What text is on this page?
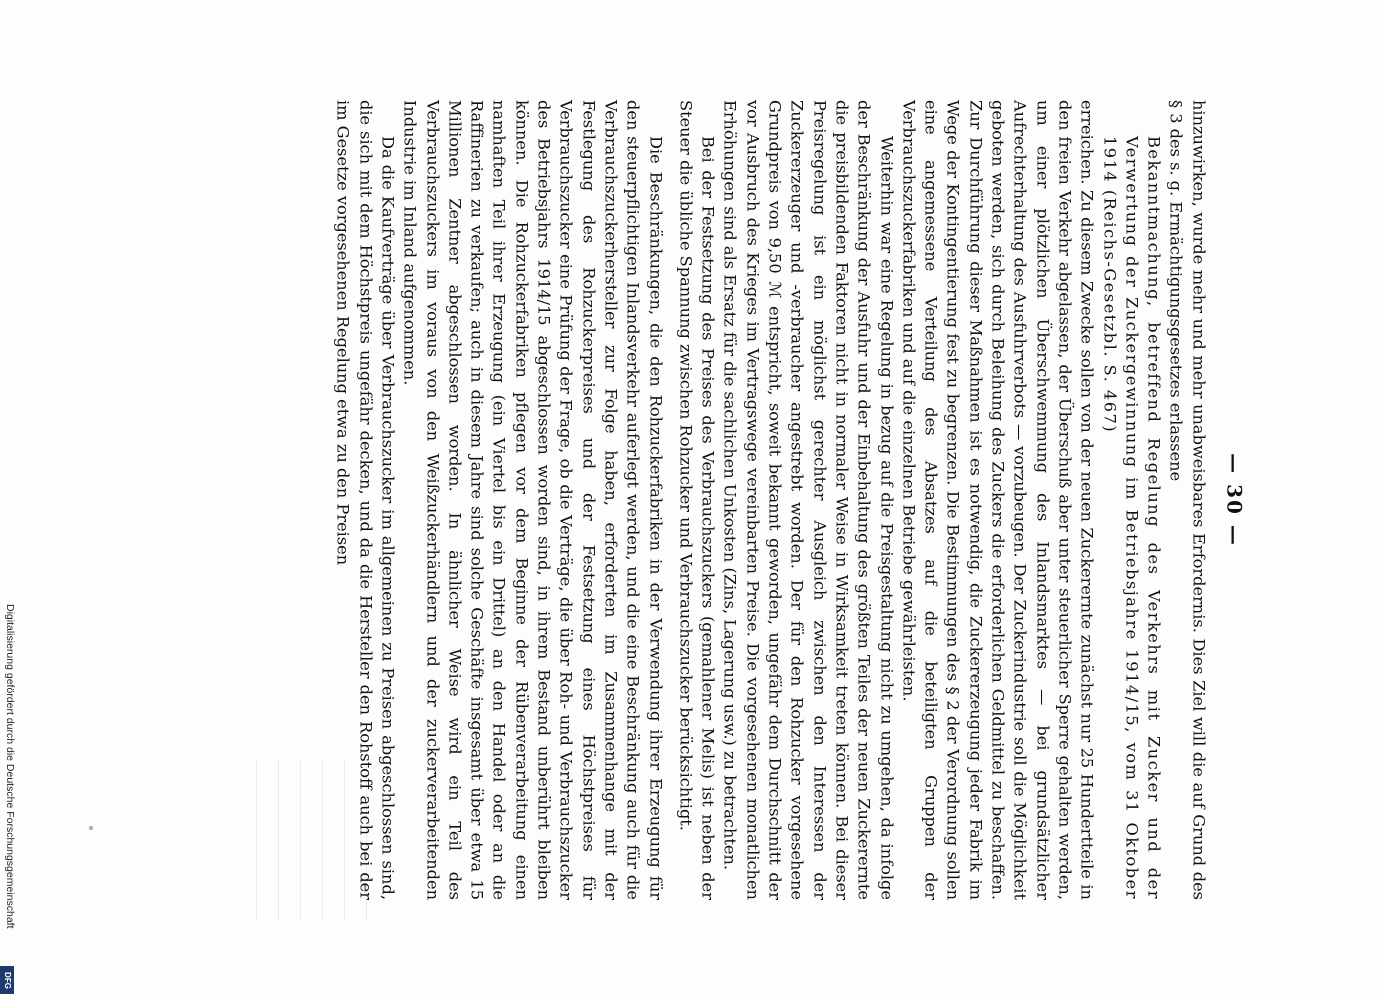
— 30 —

hinzuwirken, wurde mehr und mehr unabweisbares Erfordernis. Dies Ziel will die auf Grund des § 3 des s. g. Ermächtigungsgesetzes erlassene

Bekanntmachung, betreffend Regelung des Verkehrs mit Zucker und der Verwertung der Zuckergewinnung im Betriebsjahre 1914/15, vom 31 Oktober 1914 (Reichs-Gesetzbl. S. 467)

erreichen. Zu diesem Zwecke sollen von der neuen Zuckerernte zunächst nur 25 Hundertteile in den freien Verkehr abgelassen, der Überschuß aber unter steuerlicher Sperre gehalten werden, um einer plötzlichen Überschwemmung des Inlandsmarktes — bei grundsätzlicher Aufrechterhaltung des Ausfuhrverbots — vorzubeugen. Der Zuckerindustrie soll die Möglichkeit geboten werden, sich durch Beleihung des Zuckers die erforderlichen Geldmittel zu beschaffen. Zur Durchführung dieser Maßnahmen ist es notwendig, die Zuckererzeugung jeder Fabrik im Wege der Kontingentierung fest zu begrenzen. Die Bestimmungen des § 2 der Verordnung sollen eine angemessene Verteilung des Absatzes auf die beteiligten Gruppen der Verbrauchszuckerfabriken und auf die einzelnen Betriebe gewährleisten.

Weiterhin war eine Regelung in bezug auf die Preisgestaltung nicht zu umgehen, da infolge der Beschränkung der Ausfuhr und der Einbehaltung des größten Teiles der neuen Zuckerernte die preisbildenden Faktoren nicht in normaler Weise in Wirksamkeit treten können. Bei dieser Preisregelung ist ein möglichst gerechter Ausgleich zwischen den Interessen der Zuckererzeuger und -verbraucher angestrebt worden. Der für den Rohzucker vorgesehene Grundpreis von 9,50 ℳ entspricht, soweit bekannt geworden, ungefähr dem Durchschnitt der vor Ausbruch des Krieges im Vertragswege vereinbarten Preise. Die vorgesehenen monatlichen Erhöhungen sind als Ersatz für die sachlichen Unkosten (Zins, Lagerung usw.) zu betrachten.

Bei der Festsetzung des Preises des Verbrauchszuckers (gemahlener Melis) ist neben der Steuer die übliche Spannung zwischen Rohzucker und Verbrauchszucker berücksichtigt.

Die Beschränkungen, die den Rohzuckerfabriken in der Verwendung ihrer Erzeugung für den steuerpflichtigen Inlandsverkehr auferlegt werden, und die eine Beschränkung auch für die Verbrauchszuckerhersteller zur Folge haben, erforderten im Zusammenhange mit der Festlegung des Rohzuckerpreises und der Festsetzung eines Höchstpreises für Verbrauchszucker eine Prüfung der Frage, ob die Verträge, die über Roh- und Verbrauchszucker des Betriebsjahrs 1914/15 abgeschlossen worden sind, in ihrem Bestand unberührt bleiben können. Die Rohzuckerfabriken pflegen vor dem Beginne der Rübenverarbeitung einen namhaften Teil ihrer Erzeugung (ein Viertel bis ein Drittel) an den Handel oder an die Raffinerien zu verkaufen; auch in diesem Jahre sind solche Geschäfte insgesamt über etwa 15 Millionen Zentner abgeschlossen worden. In ähnlicher Weise wird ein Teil des Verbrauchszuckers im voraus von den Weißzuckerhändlern und der zuckerverarbeitenden Industrie im Inland aufgenommen.

Da die Kaufverträge über Verbrauchszucker im allgemeinen zu Preisen abgeschlossen sind, die sich mit dem Höchstpreis ungefähr decken, und da die Hersteller den Rohstoff auch bei der im Gesetze vorgesehenen Regelung etwa zu den Preisen

Digitalisierung gefördert durch die Deutsche Forschungsgemeinschaft
DFG
